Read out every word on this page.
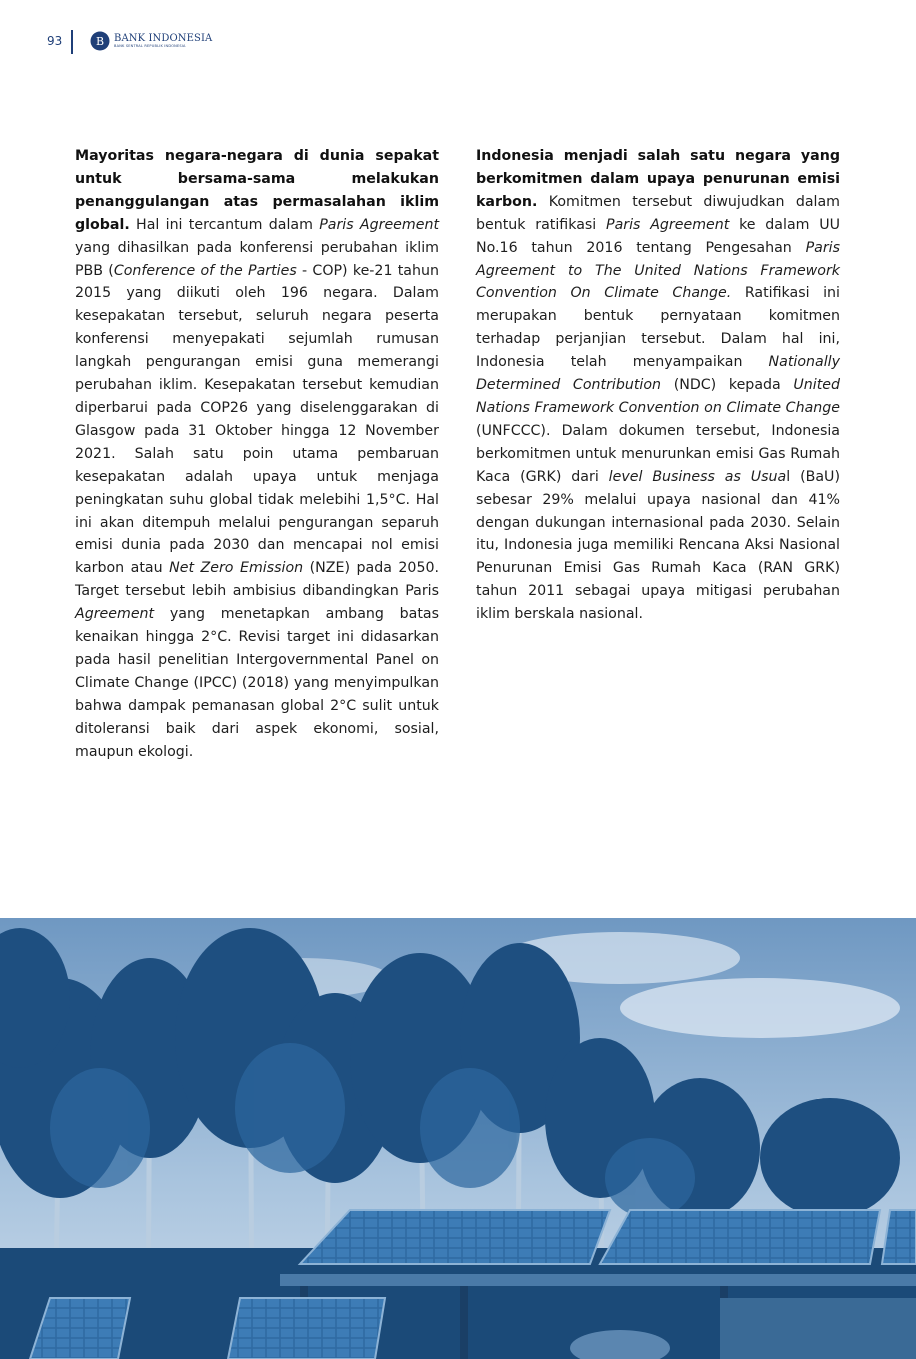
93	B BANK INDONESIA
BANK SENTRAL REPUBLIK INDONESIA
Mayoritas negara-negara di dunia sepakat untuk bersama-sama melakukan penanggulangan atas permasalahan iklim global. Hal ini tercantum dalam Paris Agreement yang dihasilkan pada konferensi perubahan iklim PBB (Conference of the Parties - COP) ke-21 tahun 2015 yang diikuti oleh 196 negara. Dalam kesepakatan tersebut, seluruh negara peserta konferensi menyepakati sejumlah rumusan langkah pengurangan emisi guna memerangi perubahan iklim. Kesepakatan tersebut kemudian diperbarui pada COP26 yang diselenggarakan di Glasgow pada 31 Oktober hingga 12 November 2021. Salah satu poin utama pembaruan kesepakatan adalah upaya untuk menjaga peningkatan suhu global tidak melebihi 1,5°C. Hal ini akan ditempuh melalui pengurangan separuh emisi dunia pada 2030 dan mencapai nol emisi karbon atau Net Zero Emission (NZE) pada 2050. Target tersebut lebih ambisius dibandingkan Paris Agreement yang menetapkan ambang batas kenaikan hingga 2°C. Revisi target ini didasarkan pada hasil penelitian Intergovernmental Panel on Climate Change (IPCC) (2018) yang menyimpulkan bahwa dampak pemanasan global 2°C sulit untuk ditoleransi baik dari aspek ekonomi, sosial, maupun ekologi.
Indonesia menjadi salah satu negara yang berkomitmen dalam upaya penurunan emisi karbon. Komitmen tersebut diwujudkan dalam bentuk ratifikasi Paris Agreement ke dalam UU No.16 tahun 2016 tentang Pengesahan Paris Agreement to The United Nations Framework Convention On Climate Change. Ratifikasi ini merupakan bentuk pernyataan komitmen terhadap perjanjian tersebut. Dalam hal ini, Indonesia telah menyampaikan Nationally Determined Contribution (NDC) kepada United Nations Framework Convention on Climate Change (UNFCCC). Dalam dokumen tersebut, Indonesia berkomitmen untuk menurunkan emisi Gas Rumah Kaca (GRK) dari level Business as Usual (BaU) sebesar 29% melalui upaya nasional dan 41% dengan dukungan internasional pada 2030. Selain itu, Indonesia juga memiliki Rencana Aksi Nasional Penurunan Emisi Gas Rumah Kaca (RAN GRK) tahun 2011 sebagai upaya mitigasi perubahan iklim berskala nasional.
